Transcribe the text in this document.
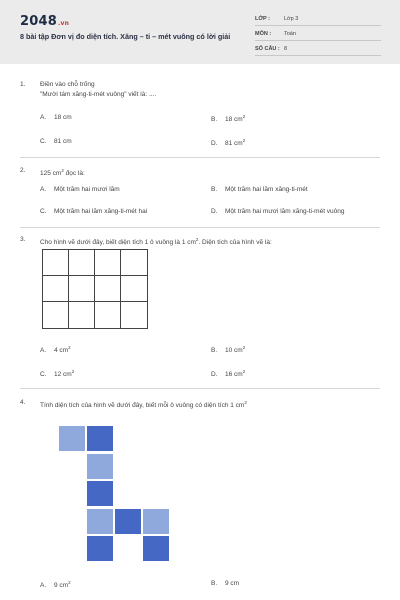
2048.vn
8 bài tập Đơn vị đo diện tích. Xăng – ti – mét vuông có lời giải
LỚP :	Lớp 3
MÔN : Toán
SỐ CÂU : 8
1. Điền vào chỗ trống
"Mười tám xăng-ti-mét vuông" viết là: ....
A. 18 cm	B. 18 $cm^2$
C. 81 cm	D. 81 $cm^2$
2. 125 $cm^2$ đọc là:
A. Một trăm hai mươi lăm	B. Một trăm hai lăm xăng-ti-mét
C. Một trăm hai lăm xăng-ti-mét hai	D. Một trăm hai mươi lăm xăng-ti-mét vuông
3. Cho hình vẽ dưới đây, biết diện tích 1 ô vuông là 1 $cm^2$. Diện tích của hình vẽ là:
A. 4 $cm^2$	B. 10 $cm^2$
C. 12 $cm^2$	D. 16 $cm^2$
4. Tính diện tích của hình vẽ dưới đây, biết mỗi ô vuông có diện tích 1 $cm^2$
A. 9 $cm^2$	B. 9 cm
